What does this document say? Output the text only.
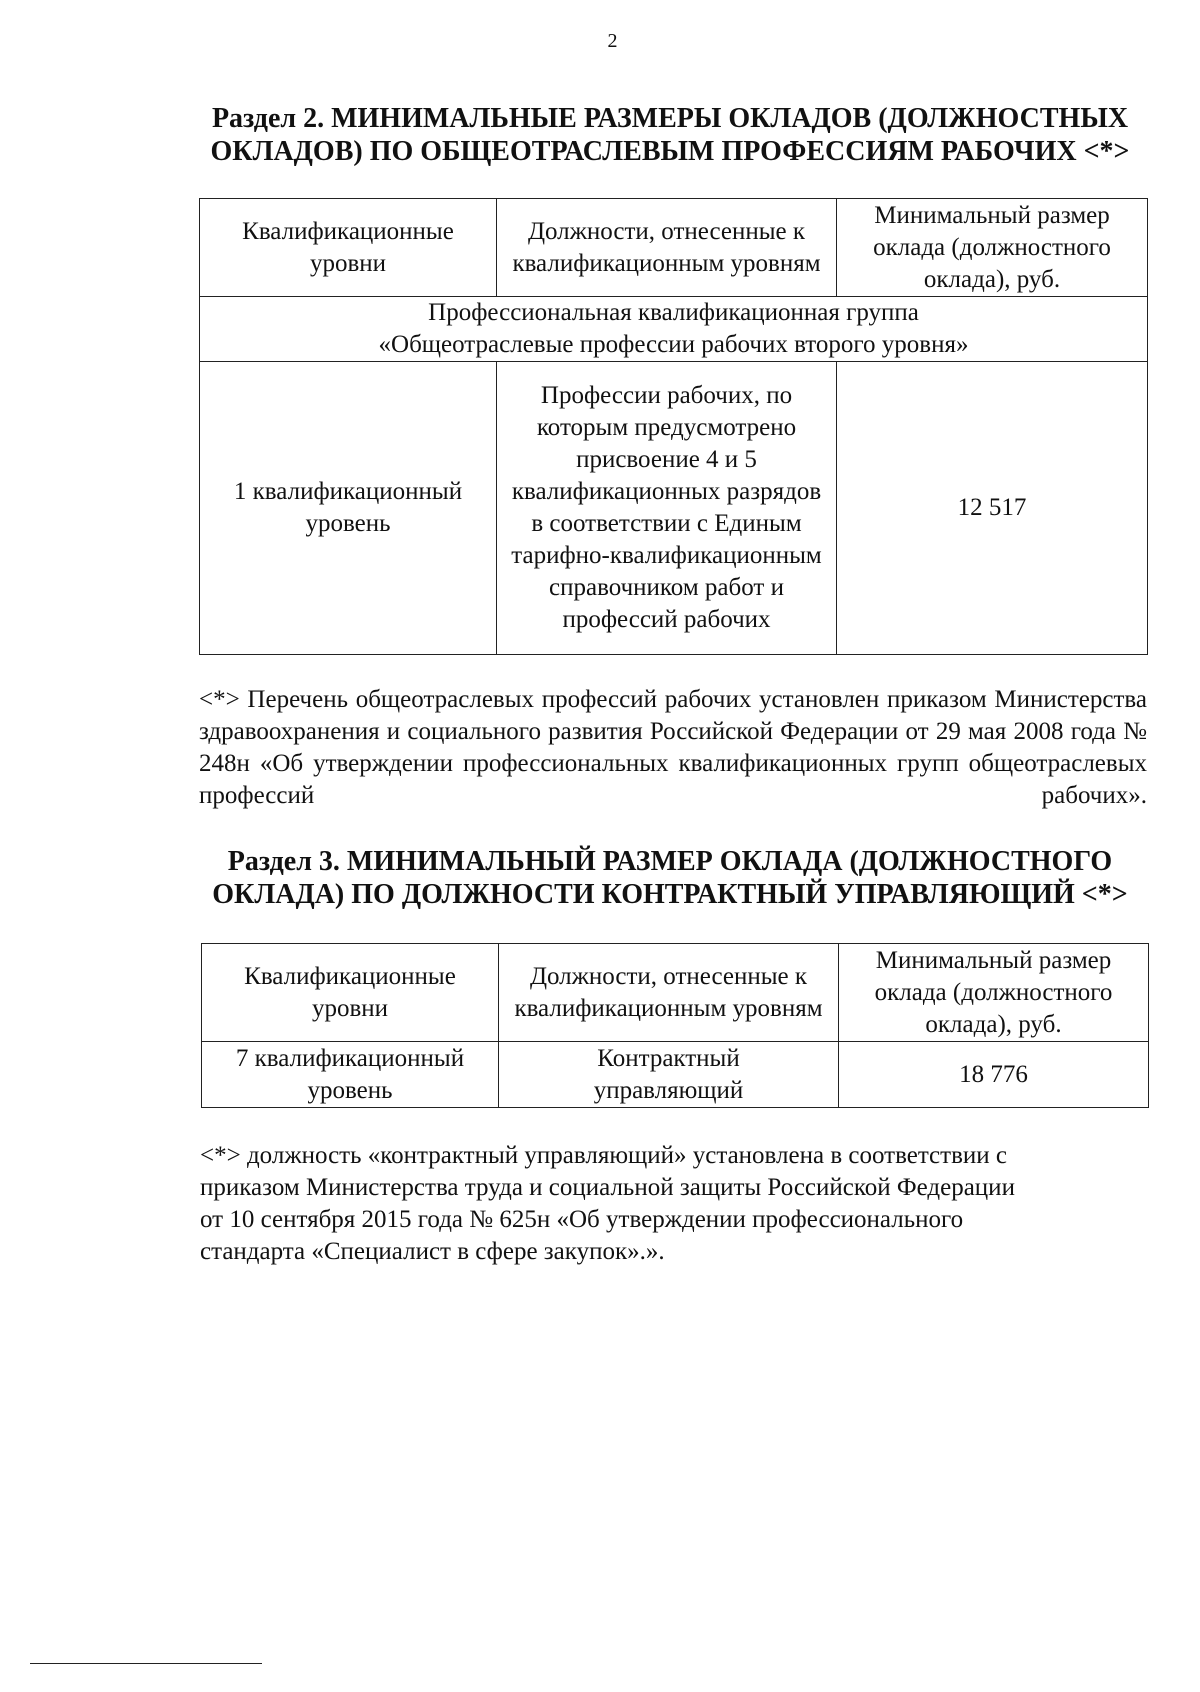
2
Раздел 2. МИНИМАЛЬНЫЕ РАЗМЕРЫ ОКЛАДОВ (ДОЛЖНОСТНЫХ
ОКЛАДОВ) ПО ОБЩЕОТРАСЛЕВЫМ ПРОФЕССИЯМ РАБОЧИХ <*>
Квалификационные уровни	Должности, отнесенные к квалификационным уровням	Минимальный размер оклада (должностного оклада), руб.

Профессиональная квалификационная группа
«Общеотраслевые профессии рабочих второго уровня»		

1 квалификационный уровень	Профессии рабочих, по которым предусмотрено присвоение 4 и 5 квалификационных разрядов в соответствии с Единым тарифно-квалификационным справочником работ и профессий рабочих	12 517
<*> Перечень общеотраслевых профессий рабочих установлен приказом Министерства здравоохранения и социального развития Российской Федерации от 29 мая 2008 года № 248н «Об утверждении профессиональных квалификационных групп общеотраслевых профессий рабочих».
Раздел 3. МИНИМАЛЬНЫЙ РАЗМЕР ОКЛАДА (ДОЛЖНОСТНОГО
ОКЛАДА) ПО ДОЛЖНОСТИ КОНТРАКТНЫЙ УПРАВЛЯЮЩИЙ <*>
Квалификационные уровни	Должности, отнесенные к квалификационным уровням	Минимальный размер оклада (должностного оклада), руб.
7 квалификационный уровень	Контрактный управляющий	18 776
<*> должность «контрактный управляющий» установлена в соответствии с
приказом Министерства труда и социальной защиты Российской Федерации
от 10 сентября 2015 года № 625н «Об утверждении профессионального
стандарта «Специалист в сфере закупок».».
